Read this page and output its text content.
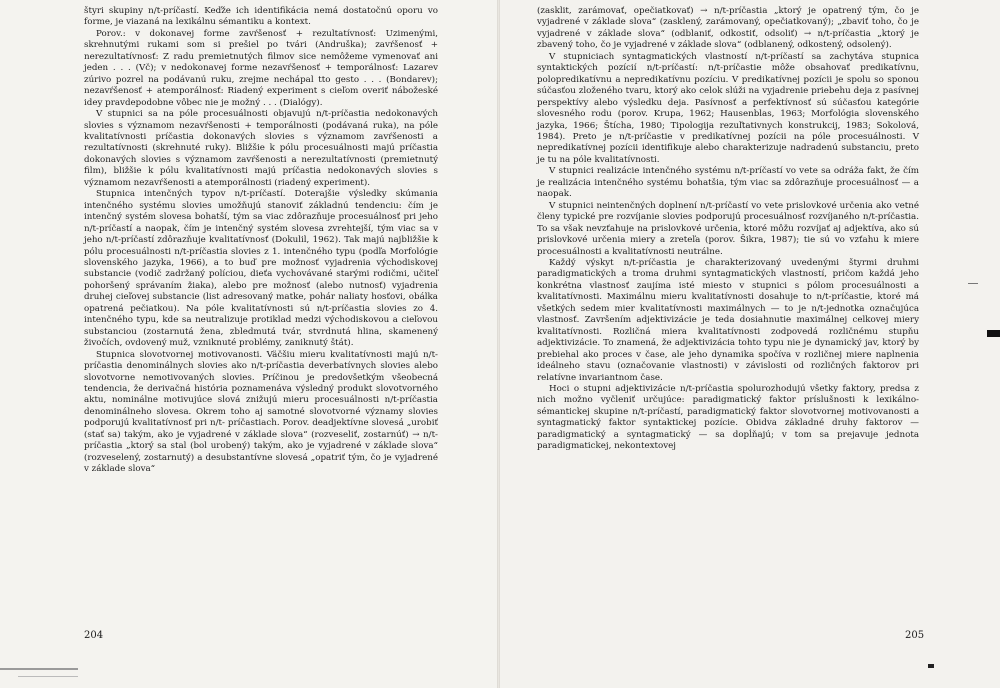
štyri skupiny n/t-príčastí. Keďže ich identifikácia nemá dostatočnú oporu vo forme, je viazaná na lexikálnu sémantiku a kontext.

Porov.: v dokonavej forme zavŕšenosť + rezultatívnosť: Uzimenými, skrehnutými rukami som si prešiel po tvári (Andruška); zavŕšenosť + nerezultatívnosť: Z radu premietnutých filmov sice nemôžeme vymenovať ani jeden . . . (Vč); v nedokonavej forme nezavŕšenosť + temporálnosť: Lazarev zúrivo pozrel na podávanú ruku, zrejme nechápal tto gesto . . . (Bondarev); nezavŕšenosť + atemporálnosť: Riadený experiment s cieľom overiť nábožeské idey pravdepodobne vôbec nie je možný . . . (Dialógy).

V stupnici sa na póle procesuálnosti objavujú n/t-príčastia nedokonavých slovies s významom nezavŕšenosti + temporálnosti (podávaná ruka), na póle kvalitatívnosti príčastia dokonavých slovies s významom zavŕšenosti a rezultatívnosti (skrehnuté ruky). Bližšie k pólu procesuálnosti majú príčastia dokonavých slovies s významom zavŕšenosti a nerezultatívnosti (premietnutý film), bližšie k pólu kvalitatívnosti majú príčastia nedokonavých slovies s významom nezavŕšenosti a atemporálnosti (riadený experiment).

Stupnica intenčných typov n/t-príčastí. Doterajšie výsledky skúmania intenčného systému slovies umožňujú stanoviť základnú tendenciu: čím je intenčný systém slovesa bohatší, tým sa viac zdôrazňuje procesuálnosť pri jeho n/t-príčastí a naopak, čím je intenčný systém slovesa zvrehtejší, tým viac sa v jeho n/t-príčastí zdôrazňuje kvalitatívnosť (Dokulil, 1962). Tak majú najbližšie k pólu procesuálnosti n/t-príčastia slovies z 1. intenčného typu (podľa Morfológie slovenského jazyka, 1966), a to buď pre možnosť vyjadrenia východiskovej substancie (vodič zadržaný políciou, dieťa vychovávané starými rodičmi, učiteľ pohoršený správaním žiaka), alebo pre možnosť (alebo nutnosť) vyjadrenia druhej cieľovej substancie (list adresovaný matke, pohár naliaty hosťovi, obálka opatrená pečiatkou). Na póle kvalitatívnosti sú n/t-príčastia slovies zo 4. intenčného typu, kde sa neutralizuje protiklad medzi východiskovou a cieľovou substanciou (zostarnutá žena, zbledmutá tvár, stvrdnutá hlina, skamenený živočích, ovdovený muž, vzniknuté problémy, zaniknutý štát).

Stupnica slovotvornej motivovanosti. Väčšiu mieru kvalitatívnosti majú n/t-príčastia denominálnych slovies ako n/t-príčastia deverbatívnych slovies alebo slovotvorne nemotivovaných slovies. Príčinou je predovšetkým všeobecná tendencia, že derivačná história poznamenáva výsledný produkt slovotvorného aktu, nominálne motivujúce slová znižujú mieru procesuálnosti n/t-príčastia denominálneho slovesa. Okrem toho aj samotné slovotvorné významy slovies podporujú kvalitatívnosť pri n/t- príčastiach. Porov. deadjektívne slovesá „urobiť (stať sa) takým, ako je vyjadrené v základe slova“ (rozveseliť, zostarnúť) → n/t-príčastia „ktorý sa stal (bol urobený) takým, ako je vyjadrené v základe slova“ (rozveselený, zostarnutý) a desubstantívne slovesá „opatriť tým, čo je vyjadrené v základe slova“

204

(zasklit, zarámovať, opečiatkovať) → n/t-príčastia „ktorý je opatrený tým, čo je vyjadrené v základe slova“ (zasklený, zarámovaný, opečiatkovaný); „zbaviť toho, čo je vyjadrené v základe slova“ (odblaniť, odkostiť, odsoliť) → n/t-príčastia „ktorý je zbavený toho, čo je vyjadrené v základe slova“ (odblanený, odkostený, odsolený).

V stupniciach syntagmatických vlastností n/t-príčastí sa zachytáva stupnica syntaktických pozícií n/t-príčastí: n/t-príčastie môže obsahovať predikatívnu, polopredikatívnu a nepredikatívnu pozíciu. V predikatívnej pozícii je spolu so sponou súčasťou zloženého tvaru, ktorý ako celok slúži na vyjadrenie priebehu deja z pasívnej perspektívy alebo výsledku deja. Pasívnosť a perfektívnosť sú súčasťou kategórie slovesného rodu (porov. Krupa, 1962; Hausenblas, 1963; Morfológia slovenského jazyka, 1966; Štícha, 1980; Tipologija rezuľtativnych konstrukcij, 1983; Sokolová, 1984). Preto je n/t-príčastie v predikatívnej pozícii na póle procesuálnosti. V nepredikatívnej pozícii identifikuje alebo charakterizuje nadradenú substanciu, preto je tu na póle kvalitatívnosti.

V stupnici realizácie intenčného systému n/t-príčastí vo vete sa odráža fakt, že čím je realizácia intenčného systému bohatšia, tým viac sa zdôrazňuje procesuálnosť — a naopak.

V stupnici neintenčných doplnení n/t-príčastí vo vete prislovkové určenia ako vetné členy typické pre rozvíjanie slovies podporujú procesuálnosť rozvíjaného n/t-príčastia. To sa však nevzťahuje na prislovkové určenia, ktoré môžu rozvíjať aj adjektíva, ako sú prislovkové určenia miery a zreteľa (porov. Šikra, 1987); tie sú vo vzťahu k miere procesuálnosti a kvalitatívnosti neutrálne.

Každý výskyt n/t-príčastia je charakterizovaný uvedenými štyrmi druhmi paradigmatických a troma druhmi syntagmatických vlastností, pričom každá jeho konkrétna vlastnosť zaujíma isté miesto v stupnici s pólom procesuálnosti a kvalitatívnosti. Maximálnu mieru kvalitatívnosti dosahuje to n/t-príčastie, ktoré má všetkých sedem mier kvalitatívnosti maximálnych — to je n/t-jednotka označujúca vlastnosť. Završením adjektivizácie je teda dosiahnutie maximálnej celkovej miery kvalitatívnosti. Rozličná miera kvalitatívnosti zodpovedá rozličnému stupňu adjektivizácie. To znamená, že adjektivizácia tohto typu nie je dynamický jav, ktorý by prebiehal ako proces v čase, ale jeho dynamika spočíva v rozličnej miere naplnenia ideálneho stavu (označovanie vlastnosti) v závislosti od rozličných faktorov pri relatívne invariantnom čase.

Hoci o stupni adjektivizácie n/t-príčastia spolurozhodujú všetky faktory, predsa z nich možno vyčleniť určujúce: paradigmatický faktor príslušnosti k lexikálno-sémantickej skupine n/t-príčastí, paradigmatický faktor slovotvornej motivovanosti a syntagmatický faktor syntaktickej pozície. Obidva základné druhy faktorov — paradigmatický a syntagmatický — sa dopĺňajú; v tom sa prejavuje jednota paradigmatickej, nekontextovej

205
